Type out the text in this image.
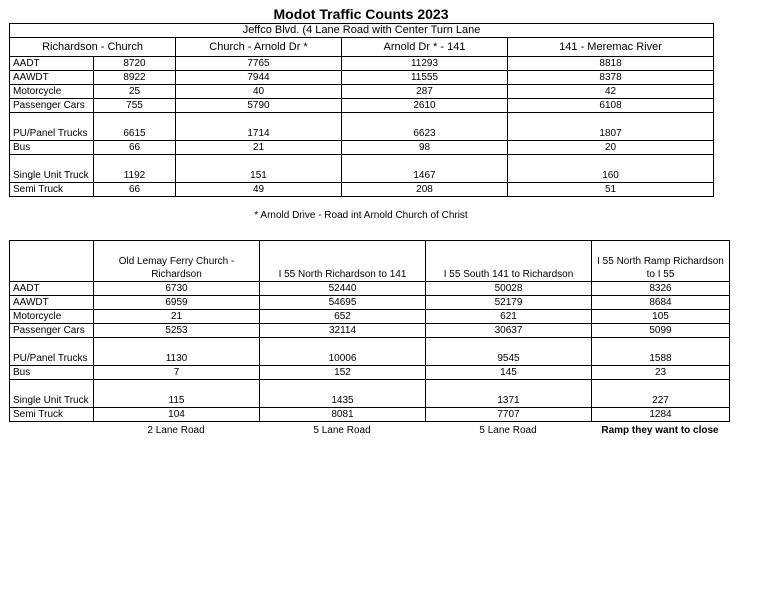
Modot Traffic Counts 2023
Jeffco Blvd. (4 Lane Road with Center Turn Lane				
Richardson - Church		Church - Arnold Dr *	Arnold Dr * - 141	141 - Meremac River
AADT	8720	7765	11293	8818
AAWDT	8922	7944	11555	8378
Motorcycle	25	40	287	42
Passenger Cars	755	5790	2610	6108
PU/Panel Trucks	6615	1714	6623	1807
Bus	66	21	98	20
Single Unit Truck	1192	151	1467	160
Semi Truck	66	49	208	51
* Arnold Drive - Road int Arnold Church of Christ
	Old Lemay Ferry Church - Richardson	I 55 North Richardson to 141	I 55 South 141 to Richardson	I 55 North Ramp Richardson to I 55
AADT	6730	52440	50028	8326
AAWDT	6959	54695	52179	8684
Motorcycle	21	652	621	105
Passenger Cars	5253	32114	30637	5099
PU/Panel Trucks	1130	10006	9545	1588
Bus	7	152	145	23
Single Unit Truck	115	1435	1371	227
Semi Truck	104	8081	7707	1284
2 Lane Road	5 Lane Road	5 Lane Road	Ramp they want to close
